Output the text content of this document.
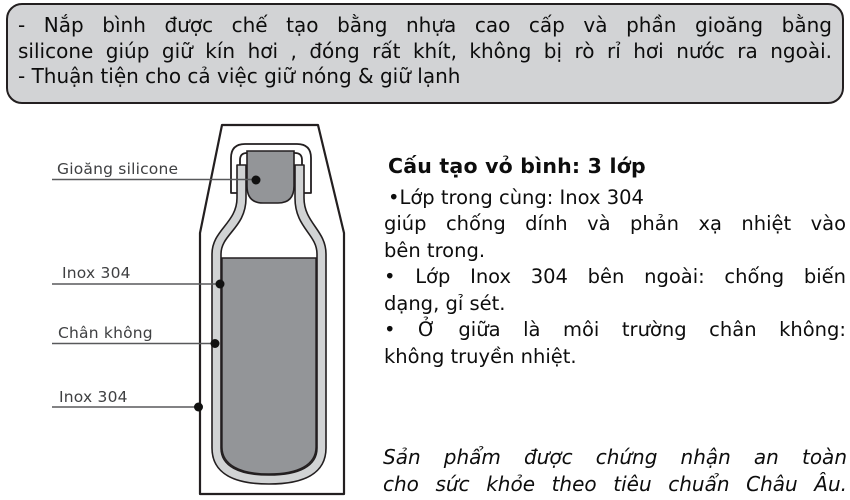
- Nắp bình được chế tạo bằng nhựa cao cấp và phần gioăng bằng
silicone giúp giữ kín hơi , đóng rất khít, không bị rò rỉ hơi nước ra ngoài.
- Thuận tiện cho cả việc giữ nóng & giữ lạnh
Gioăng silicone
Inox 304
Chân không
Inox 304
Cấu tạo vỏ bình: 3 lớp
•Lớp trong cùng: Inox 304
giúp chống dính và phản xạ nhiệt vào
bên trong.
• Lớp Inox 304 bên ngoài: chống biến
dạng, gỉ sét.
• Ở giữa là môi trường chân không:
không truyền nhiệt.
Sản phẩm được chứng nhận an toàn
cho sức khỏe theo tiêu chuẩn Châu Âu.
